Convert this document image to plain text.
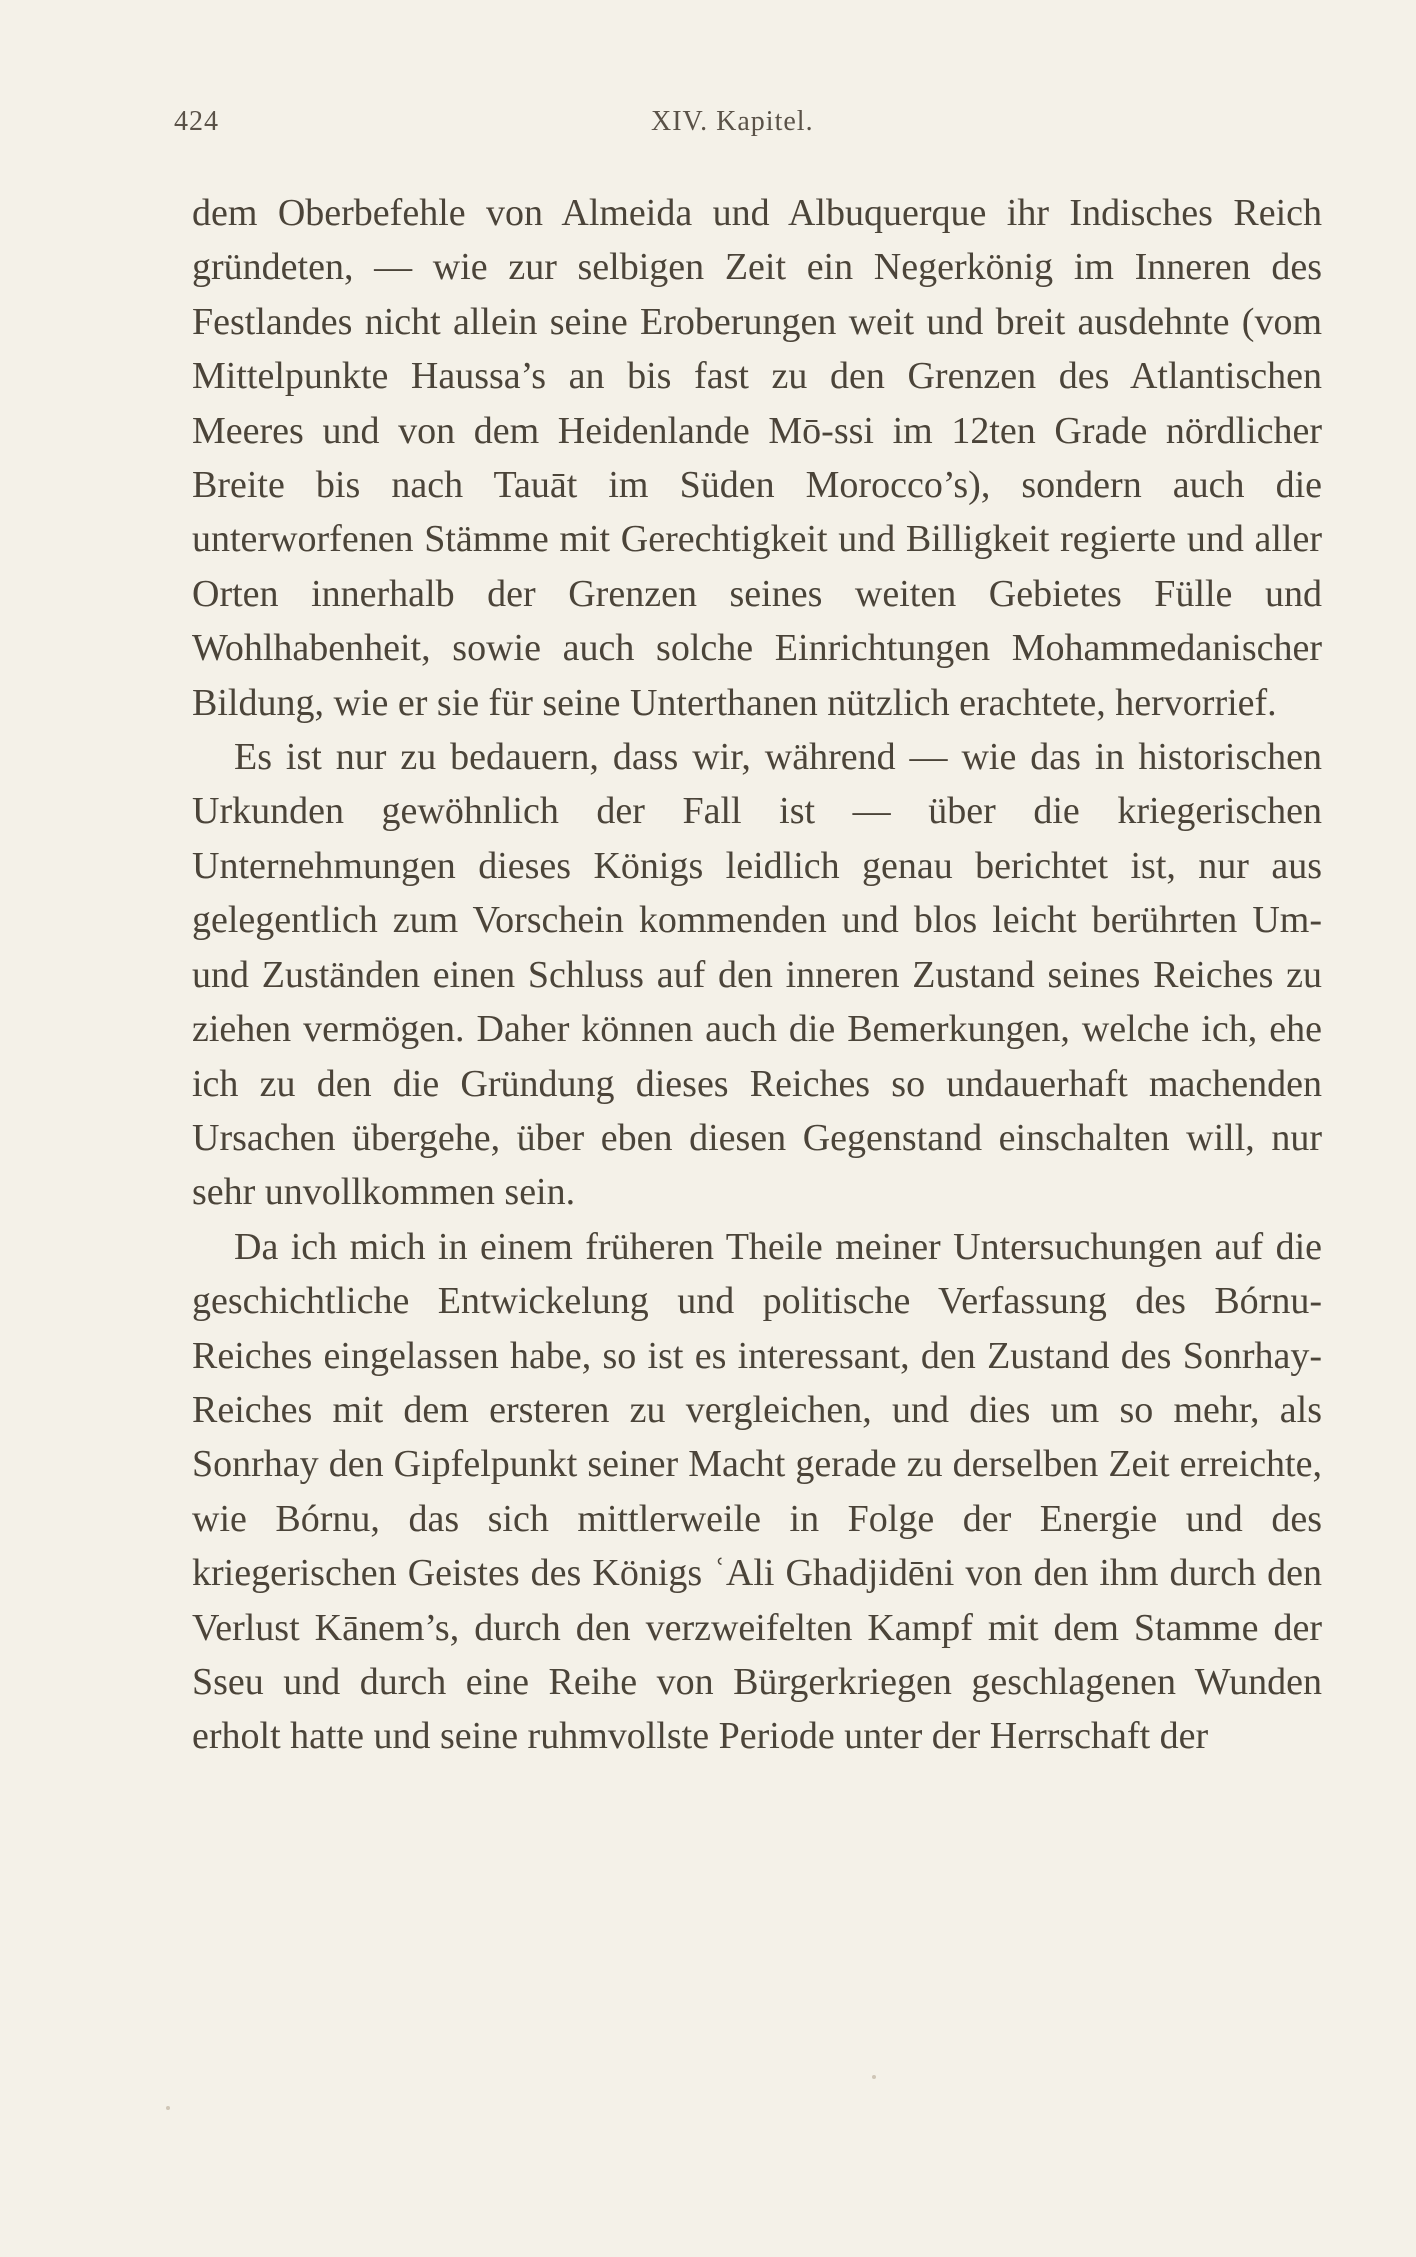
424	XIV. Kapitel.

dem Oberbefehle von Almeida und Albuquerque ihr Indisches Reich gründeten, — wie zur selbigen Zeit ein Negerkönig im Inneren des Festlandes nicht allein seine Eroberungen weit und breit ausdehnte (vom Mittelpunkte Haussa’s an bis fast zu den Grenzen des Atlantischen Meeres und von dem Heidenlande Mō-ssi im 12ten Grade nördlicher Breite bis nach Tauāt im Süden Morocco’s), sondern auch die unterworfenen Stämme mit Gerechtigkeit und Billigkeit regierte und aller Orten innerhalb der Grenzen seines weiten Gebietes Fülle und Wohlhabenheit, sowie auch solche Einrichtungen Mohammedanischer Bildung, wie er sie für seine Unterthanen nützlich erachtete, hervorrief.

Es ist nur zu bedauern, dass wir, während — wie das in historischen Urkunden gewöhnlich der Fall ist — über die kriegerischen Unternehmungen dieses Königs leidlich genau berichtet ist, nur aus gelegentlich zum Vorschein kommenden und blos leicht berührten Um- und Zuständen einen Schluss auf den inneren Zustand seines Reiches zu ziehen vermögen. Daher können auch die Bemerkungen, welche ich, ehe ich zu den die Gründung dieses Reiches so undauerhaft machenden Ursachen übergehe, über eben diesen Gegenstand einschalten will, nur sehr unvollkommen sein.

Da ich mich in einem früheren Theile meiner Untersuchungen auf die geschichtliche Entwickelung und politische Verfassung des Bórnu-Reiches eingelassen habe, so ist es interessant, den Zustand des Sonrhay-Reiches mit dem ersteren zu vergleichen, und dies um so mehr, als Sonrhay den Gipfelpunkt seiner Macht gerade zu derselben Zeit erreichte, wie Bórnu, das sich mittlerweile in Folge der Energie und des kriegerischen Geistes des Königs ʿAli Ghadjidēni von den ihm durch den Verlust Kānem’s, durch den verzweifelten Kampf mit dem Stamme der Sseu und durch eine Reihe von Bürgerkriegen geschlagenen Wunden erholt hatte und seine ruhmvollste Periode unter der Herrschaft der
